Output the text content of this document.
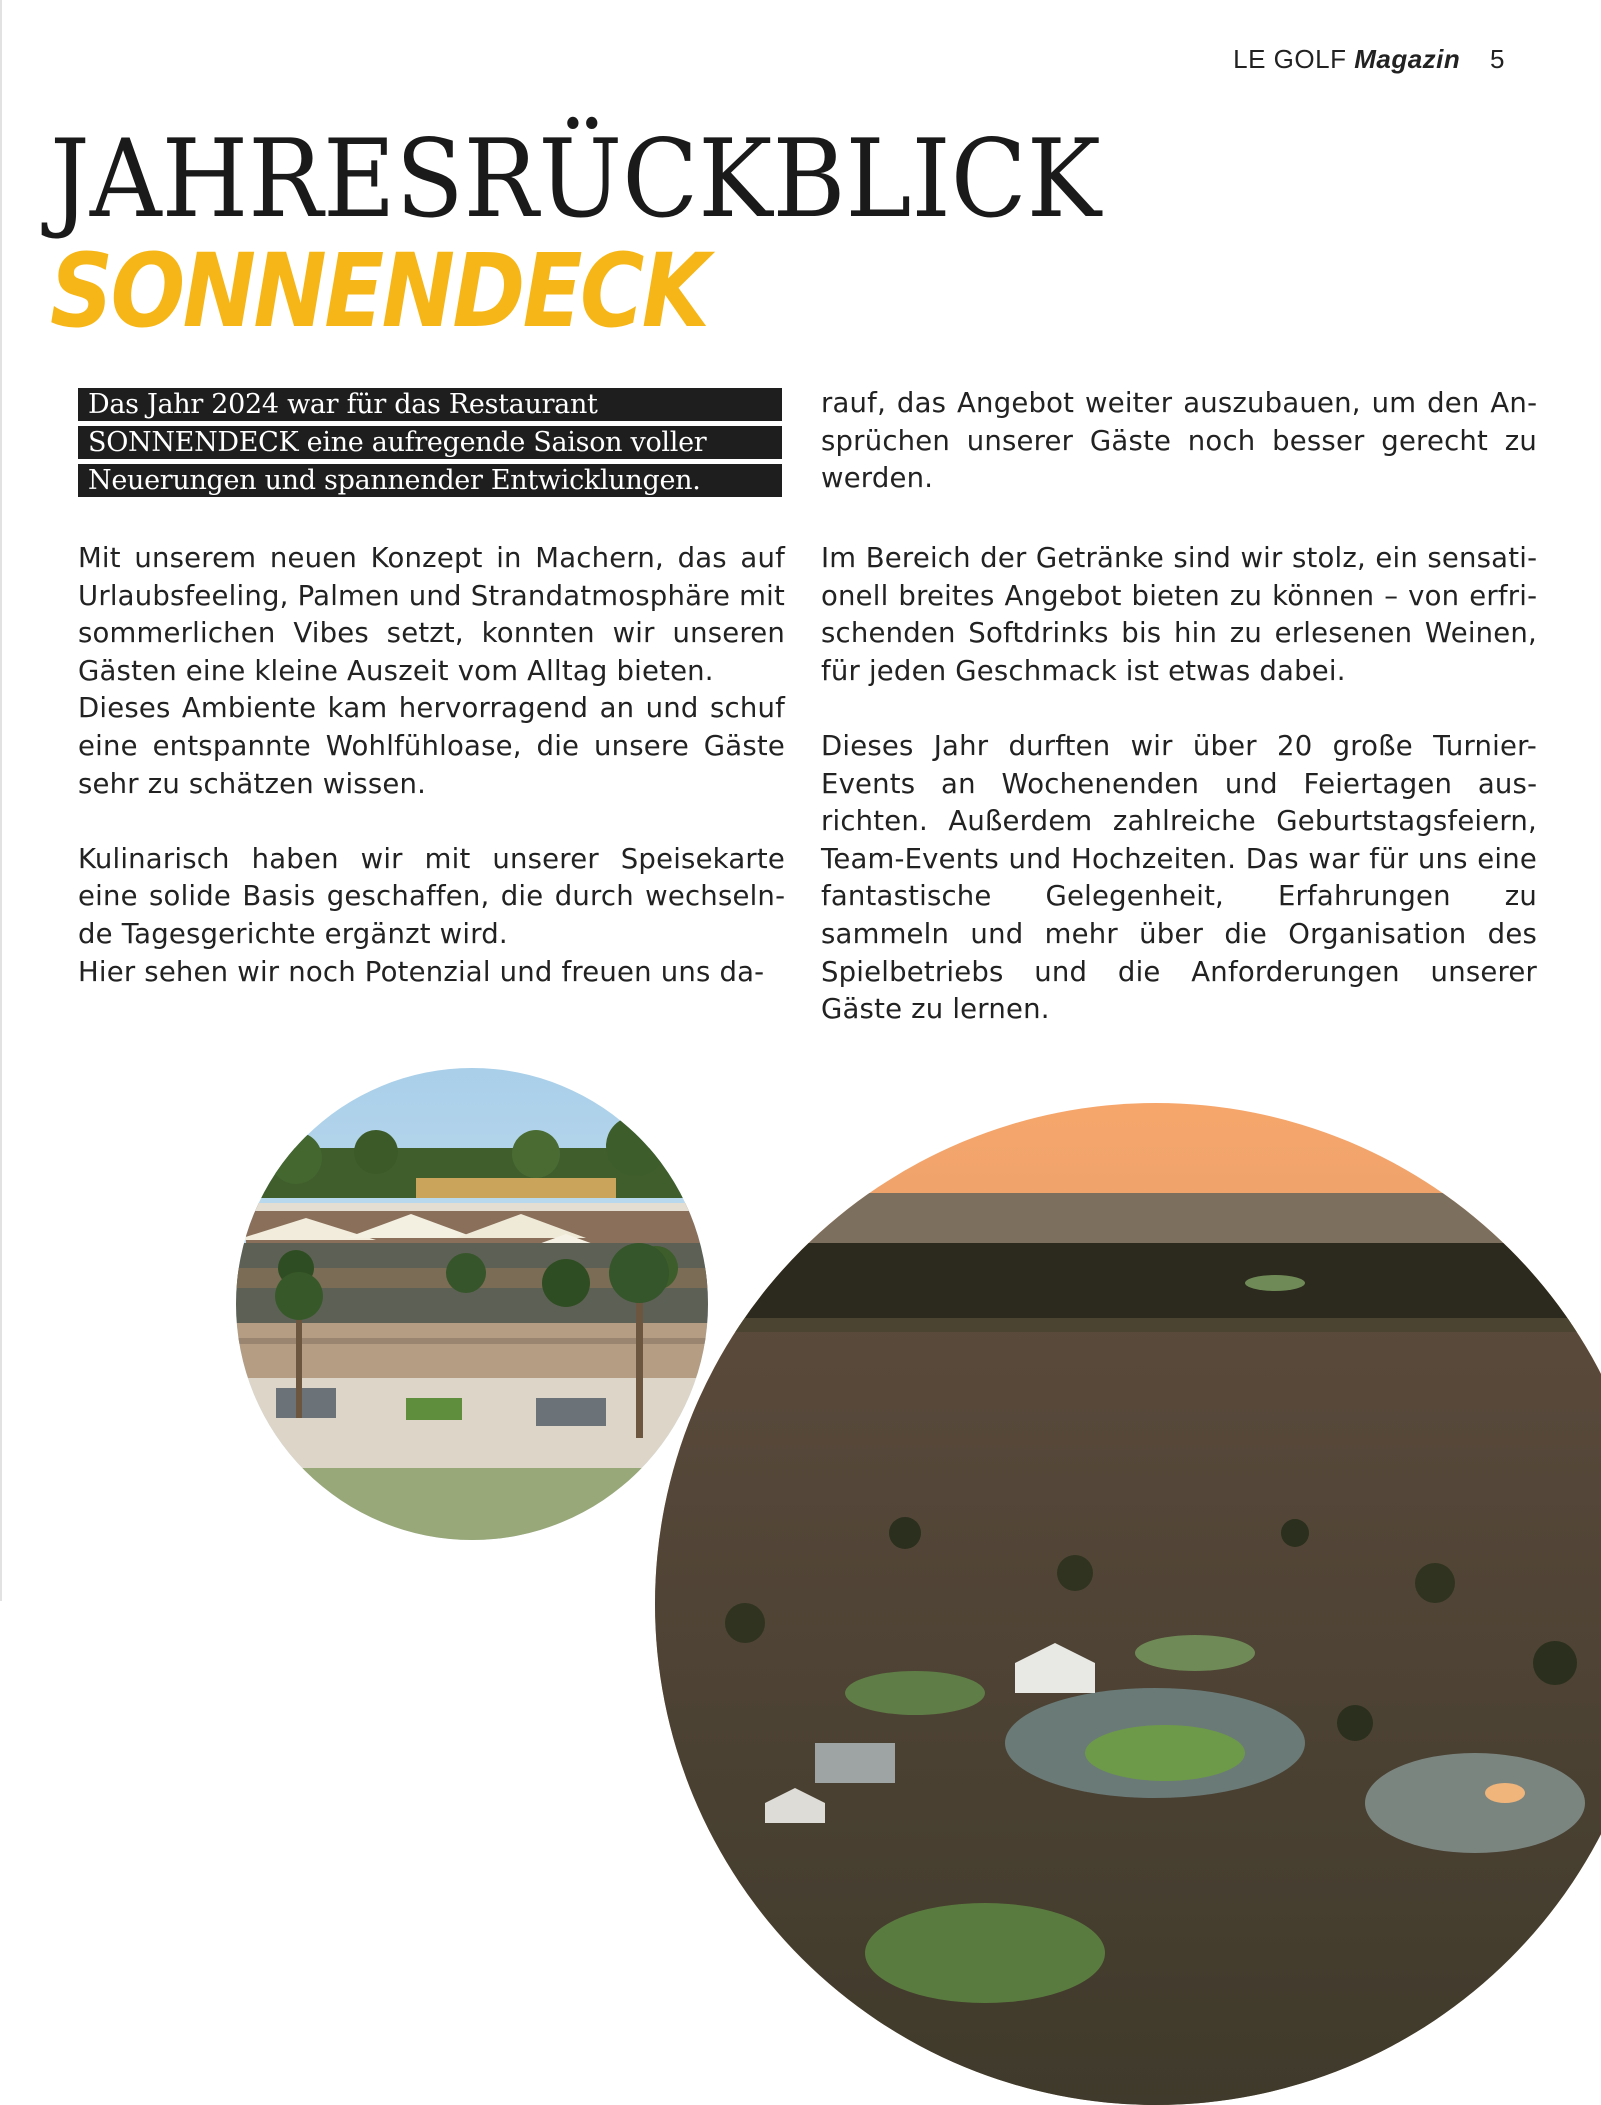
LE GOLF Magazin 5
JAHRESRÜCKBLICK
SONNENDECK
Das Jahr 2024 war für das Restaurant
SONNENDECK eine aufregende Saison voller
Neuerungen und spannender Entwicklungen.

Mit unserem neuen Konzept in Machern, das auf Urlaubsfeeling, Palmen und Strandatmosphäre mit sommerlichen Vibes setzt, konnten wir unseren Gästen eine kleine Auszeit vom Alltag bieten.

Dieses Ambiente kam hervorragend an und schuf eine entspannte Wohlfühloase, die unsere Gäste sehr zu schätzen wissen.

Kulinarisch haben wir mit unserer Speisekarte eine solide Basis geschaffen, die durch wechselnde Tagesgerichte ergänzt wird.

Hier sehen wir noch Potenzial und freuen uns da-

rauf, das Angebot weiter auszubauen, um den Ansprüchen unserer Gäste noch besser gerecht zu werden.

Im Bereich der Getränke sind wir stolz, ein sensationell breites Angebot bieten zu können – von erfrischenden Softdrinks bis hin zu erlesenen Weinen, für jeden Geschmack ist etwas dabei.

Dieses Jahr durften wir über 20 große Turnier-Events an Wochenenden und Feiertagen ausrichten. Außerdem zahlreiche Geburtstagsfeiern, Team-Events und Hochzeiten. Das war für uns eine fantastische Gelegenheit, Erfahrungen zu sammeln und mehr über die Organisation des Spielbetriebs und die Anforderungen unserer Gäste zu lernen.
